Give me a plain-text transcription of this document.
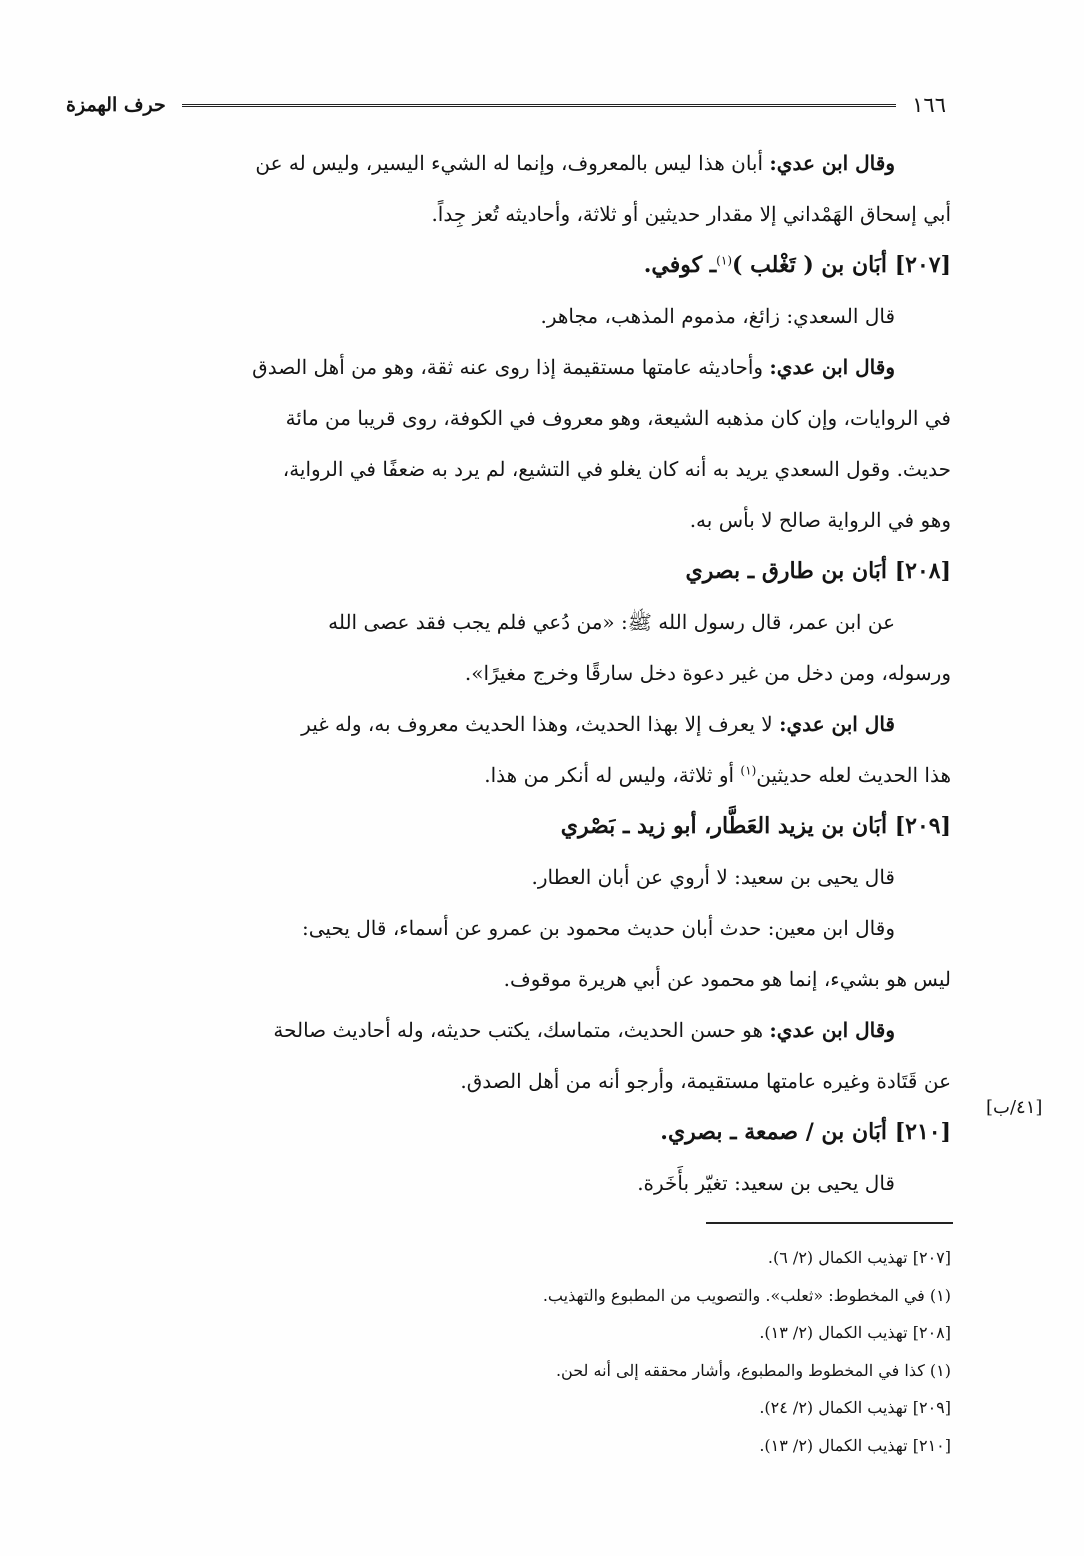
حرف الهمزة	١٦٦
وقال ابن عدي: أبان هذا ليس بالمعروف، وإنما له الشيء اليسير، وليس له عن
أبي إسحاق الهَمْداني إلا مقدار حديثين أو ثلاثة، وأحاديثه تُعز جِداً.
[٢٠٧] أبَان بن ( تَغْلب )$^{(١)}$ـ كوفي.
قال السعدي: زائغ، مذموم المذهب، مجاهر.
وقال ابن عدي: وأحاديثه عامتها مستقيمة إذا روى عنه ثقة، وهو من أهل الصدق
في الروايات، وإن كان مذهبه الشيعة، وهو معروف في الكوفة، روى قريبا من مائة
حديث. وقول السعدي يريد به أنه كان يغلو في التشيع، لم يرد به ضعفًا في الرواية،
وهو في الرواية صالح لا بأس به.
[٢٠٨] أبَان بن طارق ـ بصري
عن ابن عمر، قال رسول الله ﷺ: «من دُعي فلم يجب فقد عصى الله
ورسوله، ومن دخل من غير دعوة دخل سارقًا وخرج مغيرًا».
قال ابن عدي: لا يعرف إلا بهذا الحديث، وهذا الحديث معروف به، وله غير
هذا الحديث لعله حديثين$^{(١)}$ أو ثلاثة، وليس له أنكر من هذا.
[٢٠٩] أبَان بن يزيد العَطَّار، أبو زيد ـ بَصْري
قال يحيى بن سعيد: لا أروي عن أبان العطار.
وقال ابن معين: حدث أبان حديث محمود بن عمرو عن أسماء، قال يحيى:
ليس هو بشيء، إنما هو محمود عن أبي هريرة موقوف.
وقال ابن عدي: هو حسن الحديث، متماسك، يكتب حديثه، وله أحاديث صالحة
عن قَتَادة وغيره عامتها مستقيمة، وأرجو أنه من أهل الصدق.
[٢١٠] أبَان بن / صمعة ـ بصري.
قال يحيى بن سعيد: تغيّر بأَخَرة.
[٤١/ب]
[٢٠٧] تهذيب الكمال (٢/ ٦).
(١) في المخطوط: «ثعلب». والتصويب من المطبوع والتهذيب.
[٢٠٨] تهذيب الكمال (٢/ ١٣).
(١) كذا في المخطوط والمطبوع، وأشار محققه إلى أنه لحن.
[٢٠٩] تهذيب الكمال (٢/ ٢٤).
[٢١٠] تهذيب الكمال (٢/ ١٣).
